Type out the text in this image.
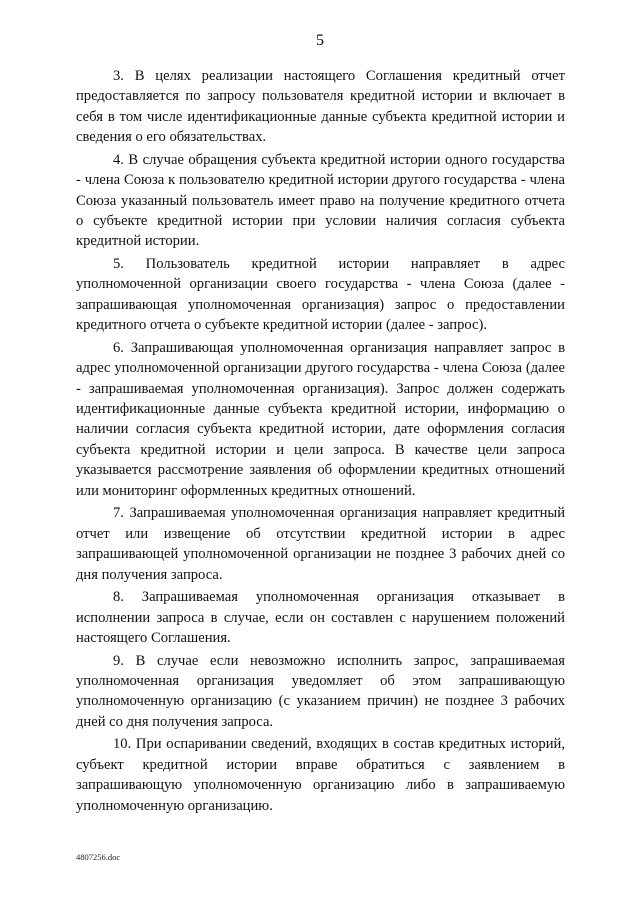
5

3. В целях реализации настоящего Соглашения кредитный отчет предоставляется по запросу пользователя кредитной истории и включает в себя в том числе идентификационные данные субъекта кредитной истории и сведения о его обязательствах.

4. В случае обращения субъекта кредитной истории одного государства - члена Союза к пользователю кредитной истории другого государства - члена Союза указанный пользователь имеет право на получение кредитного отчета о субъекте кредитной истории при условии наличия согласия субъекта кредитной истории.

5. Пользователь кредитной истории направляет в адрес уполномоченной организации своего государства - члена Союза (далее - запрашивающая уполномоченная организация) запрос о предоставлении кредитного отчета о субъекте кредитной истории (далее - запрос).

6. Запрашивающая уполномоченная организация направляет запрос в адрес уполномоченной организации другого государства - члена Союза (далее - запрашиваемая уполномоченная организация). Запрос должен содержать идентификационные данные субъекта кредитной истории, информацию о наличии согласия субъекта кредитной истории, дате оформления согласия субъекта кредитной истории и цели запроса. В качестве цели запроса указывается рассмотрение заявления об оформлении кредитных отношений или мониторинг оформленных кредитных отношений.

7. Запрашиваемая уполномоченная организация направляет кредитный отчет или извещение об отсутствии кредитной истории в адрес запрашивающей уполномоченной организации не позднее 3 рабочих дней со дня получения запроса.

8. Запрашиваемая уполномоченная организация отказывает в исполнении запроса в случае, если он составлен с нарушением положений настоящего Соглашения.

9. В случае если невозможно исполнить запрос, запрашиваемая уполномоченная организация уведомляет об этом запрашивающую уполномоченную организацию (с указанием причин) не позднее 3 рабочих дней со дня получения запроса.

10. При оспаривании сведений, входящих в состав кредитных историй, субъект кредитной истории вправе обратиться с заявлением в запрашивающую уполномоченную организацию либо в запрашиваемую уполномоченную организацию.

4807256.doc
